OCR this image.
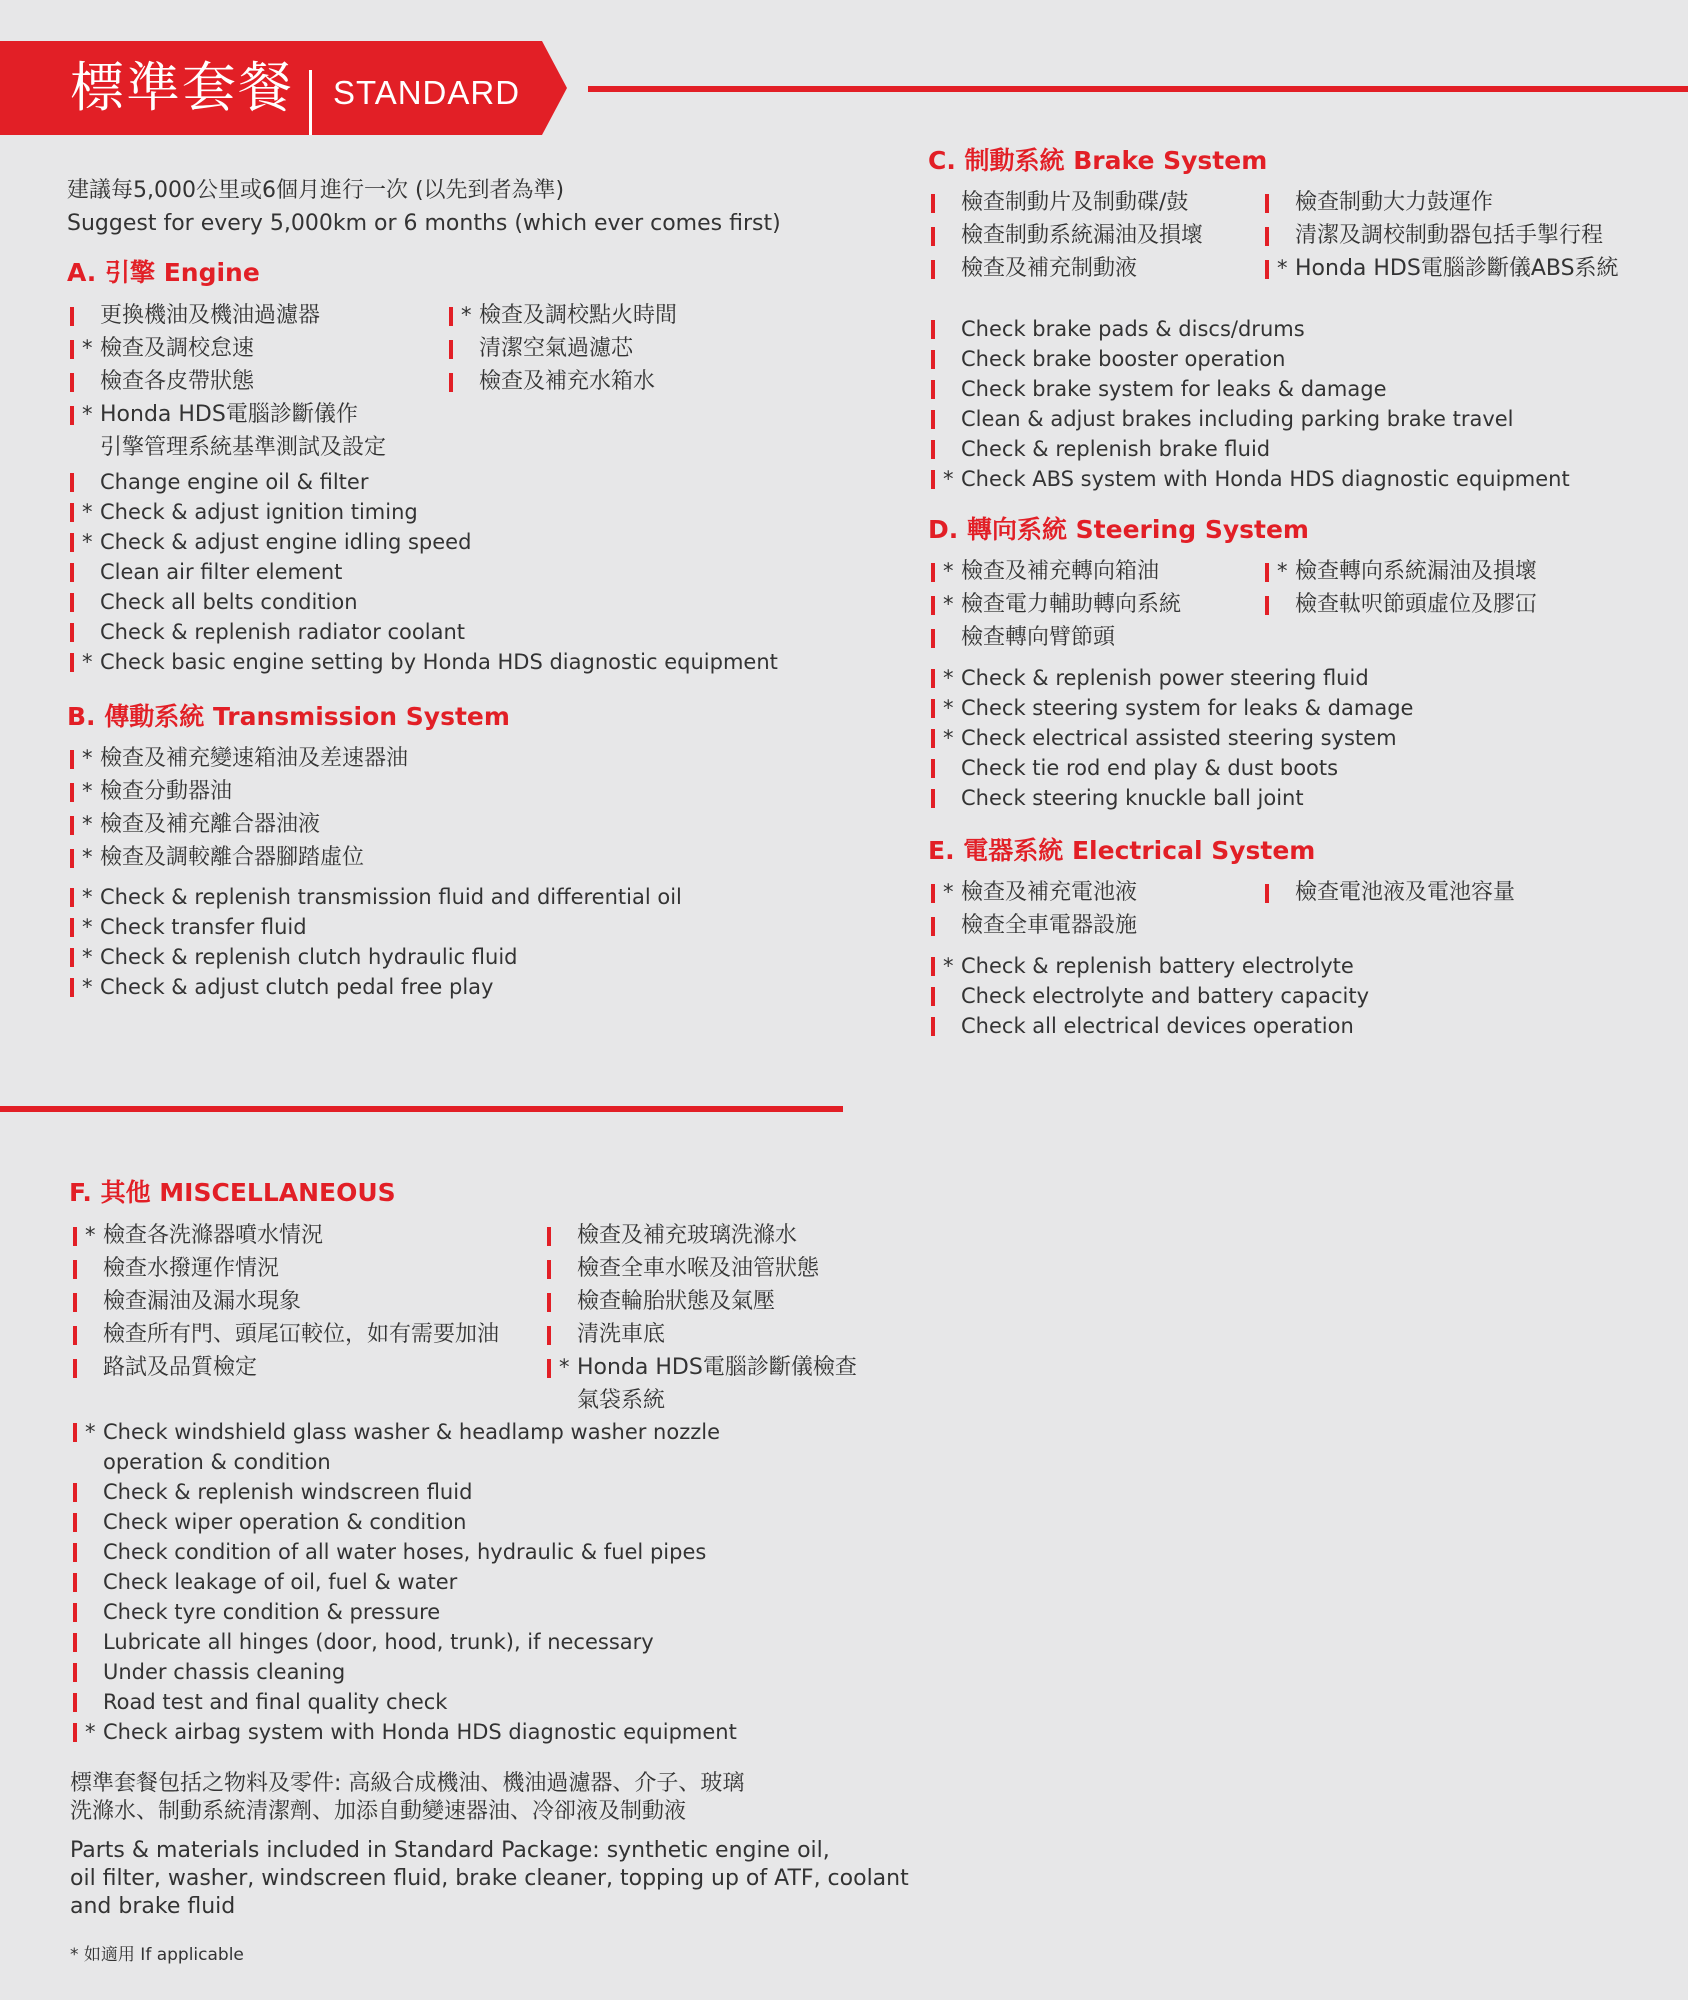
標準套餐 STANDARD
建議每5,000公里或6個月進行一次 (以先到者為準)
Suggest for every 5,000km or 6 months (which ever comes first)
A. 引擎 Engine
更換機油及機油過濾器
* 檢查及調校怠速
檢查各皮帶狀態
* Honda HDS電腦診斷儀作
引擎管理系統基準測試及設定
* 檢查及調校點火時間
清潔空氣過濾芯
檢查及補充水箱水
Change engine oil & filter
* Check & adjust ignition timing
* Check & adjust engine idling speed
Clean air filter element
Check all belts condition
Check & replenish radiator coolant
* Check basic engine setting by Honda HDS diagnostic equipment
B. 傳動系統 Transmission System
* 檢查及補充變速箱油及差速器油
* 檢查分動器油
* 檢查及補充離合器油液
* 檢查及調較離合器腳踏虛位
* Check & replenish transmission fluid and differential oil
* Check transfer fluid
* Check & replenish clutch hydraulic fluid
* Check & adjust clutch pedal free play
C. 制動系統 Brake System
檢查制動片及制動碟/鼓
檢查制動系統漏油及損壞
檢查及補充制動液
檢查制動大力鼓運作
清潔及調校制動器包括手掣行程
* Honda HDS電腦診斷儀ABS系統
Check brake pads & discs/drums
Check brake booster operation
Check brake system for leaks & damage
Clean & adjust brakes including parking brake travel
Check & replenish brake fluid
* Check ABS system with Honda HDS diagnostic equipment
D. 轉向系統 Steering System
* 檢查及補充轉向箱油
* 檢查電力輔助轉向系統
檢查轉向臂節頭
* 檢查轉向系統漏油及損壞
檢查軚呎節頭虛位及膠冚
* Check & replenish power steering fluid
* Check steering system for leaks & damage
* Check electrical assisted steering system
Check tie rod end play & dust boots
Check steering knuckle ball joint
E. 電器系統 Electrical System
* 檢查及補充電池液
檢查全車電器設施
檢查電池液及電池容量
* Check & replenish battery electrolyte
Check electrolyte and battery capacity
Check all electrical devices operation
F. 其他 MISCELLANEOUS
* 檢查各洗滌器噴水情況
檢查水撥運作情況
檢查漏油及漏水現象
檢查所有門、頭尾冚較位，如有需要加油
路試及品質檢定
檢查及補充玻璃洗滌水
檢查全車水喉及油管狀態
檢查輪胎狀態及氣壓
清洗車底
* Honda HDS電腦診斷儀檢查
氣袋系統
* Check windshield glass washer & headlamp washer nozzle
operation & condition
Check & replenish windscreen fluid
Check wiper operation & condition
Check condition of all water hoses, hydraulic & fuel pipes
Check leakage of oil, fuel & water
Check tyre condition & pressure
Lubricate all hinges (door, hood, trunk), if necessary
Under chassis cleaning
Road test and final quality check
* Check airbag system with Honda HDS diagnostic equipment
標準套餐包括之物料及零件: 高級合成機油、機油過濾器、介子、玻璃
洗滌水、制動系統清潔劑、加添自動變速器油、冷卻液及制動液
Parts & materials included in Standard Package: synthetic engine oil,
oil filter, washer, windscreen fluid, brake cleaner, topping up of ATF, coolant
and brake fluid
* 如適用 If applicable
